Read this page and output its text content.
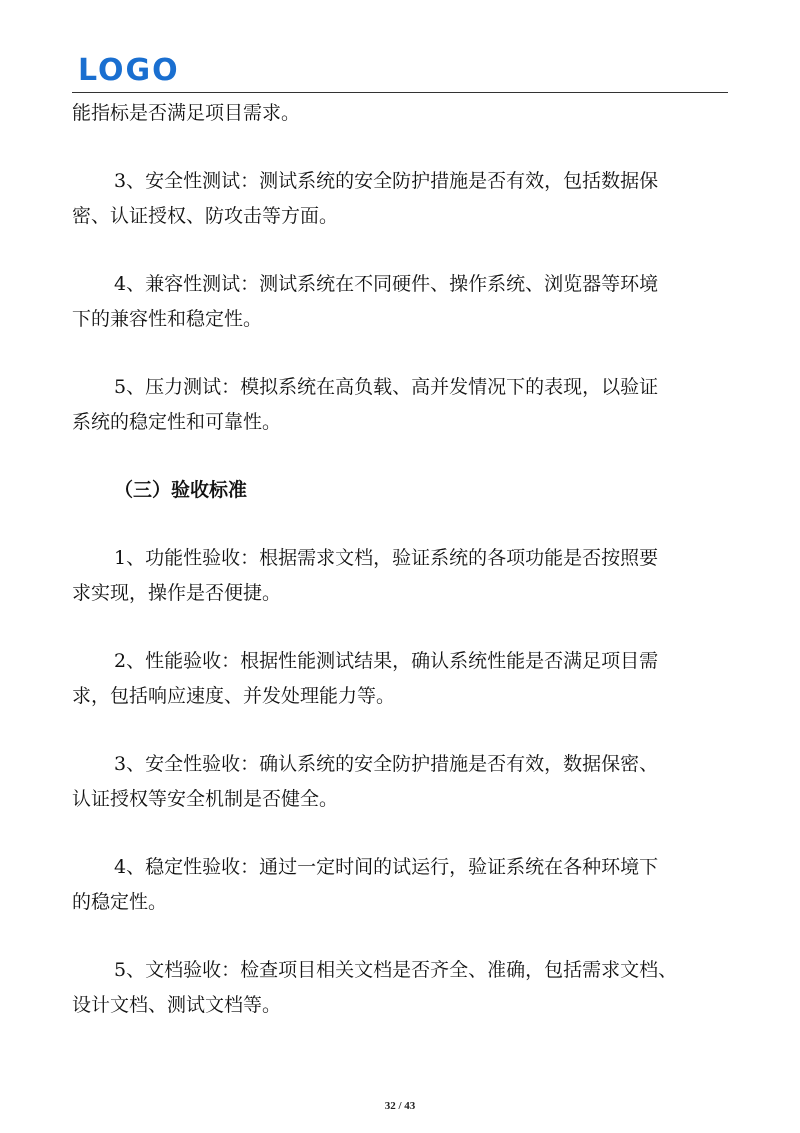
LOGO
能指标是否满足项目需求。
3、安全性测试：测试系统的安全防护措施是否有效，包括数据保
密、认证授权、防攻击等方面。
4、兼容性测试：测试系统在不同硬件、操作系统、浏览器等环境
下的兼容性和稳定性。
5、压力测试：模拟系统在高负载、高并发情况下的表现，以验证
系统的稳定性和可靠性。
（三）验收标准
1、功能性验收：根据需求文档，验证系统的各项功能是否按照要
求实现，操作是否便捷。
2、性能验收：根据性能测试结果，确认系统性能是否满足项目需
求，包括响应速度、并发处理能力等。
3、安全性验收：确认系统的安全防护措施是否有效，数据保密、
认证授权等安全机制是否健全。
4、稳定性验收：通过一定时间的试运行，验证系统在各种环境下
的稳定性。
5、文档验收：检查项目相关文档是否齐全、准确，包括需求文档、
设计文档、测试文档等。
32 / 43
